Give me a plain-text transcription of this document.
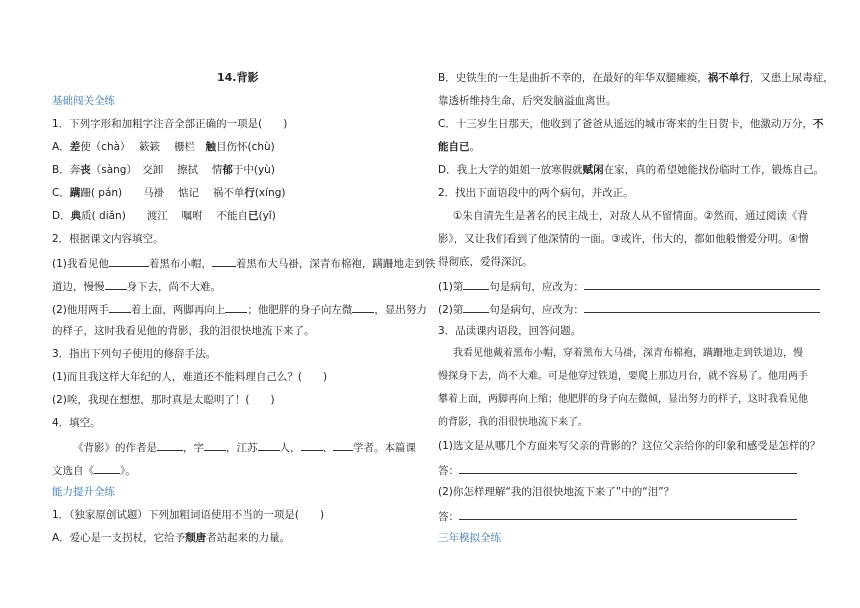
14.背影
基础闯关全练
1．下列字形和加粗字注音全部正确的一项是(　　)
A．差使（chà）　 簌簌　 栅栏　触目伤怀(chù)
B．奔丧（sàng）　交卸　 擦拭　 情郁于中(yù)
C．蹒跚( pán)　　马褂　 惦记　 祸不单行(xíng)
D．典质( diǎn)　　渡江　 嘱咐　 不能自已(yǐ)
2．根据课文内容填空。
(1)我看见他	着黑布小帽， 着黑布大马褂，深青布棉袍，蹒跚地走到铁
道边，慢慢 身下去，尚不大难。
(2)他用两手 着上面，两脚再向上 ；他肥胖的身子向左微 ，显出努力
的样子，这时我看见他的背影，我的泪很快地流下来了。
3．指出下列句子使用的修辞手法。
(1)而且我这样大年纪的人，难道还不能料理自己么？(　　)
(2)唉，我现在想想，那时真是太聪明了！(　　)
4．填空。
《背影》的作者是 ，字 ，江苏 人， 、 学者。本篇课
文选自《 》。
能力提升全练
1．（独家原创试题）下列加粗词语使用不当的一项是(　　)
A．爱心是一支拐杖，它给予颓唐者站起来的力量。
B．史铁生的一生是曲折不幸的，在最好的年华双腿瘫痪，祸不单行，又患上尿毒症，
靠透析维持生命，后突发脑溢血离世。
C．十三岁生日那天，他收到了爸爸从遥远的城市寄来的生日贺卡，他激动万分，不
能自已。
D．我上大学的姐姐一放寒假就赋闲在家，真的希望她能找份临时工作，锻炼自己。
2．找出下面语段中的两个病句，并改正。
①朱自清先生是著名的民主战士，对敌人从不留情面。②然而，通过阅读《背
影》，又让我们看到了他深情的一面。③或许，伟大的，都如他般憎爱分明。④憎
得彻底，爱得深沉。
(1)第 句是病句，应改为：
(2)第 句是病句，应改为：
3．品读课内语段，回答问题。
我看见他戴着黑布小帽，穿着黑布大马褂，深青布棉袍，蹒跚地走到铁道边，慢
慢探身下去，尚不大难。可是他穿过铁道，要爬上那边月台，就不容易了。他用两手
攀着上面，两脚再向上缩；他肥胖的身子向左微倾，显出努力的样子，这时我看见他
的背影，我的泪很快地流下来了。
(1)选文是从哪几个方面来写父亲的背影的？这位父亲给你的印象和感受是怎样的？
答：
(2)你怎样理解“我的泪很快地流下来了”中的“泪”？
答：
三年模拟全练
